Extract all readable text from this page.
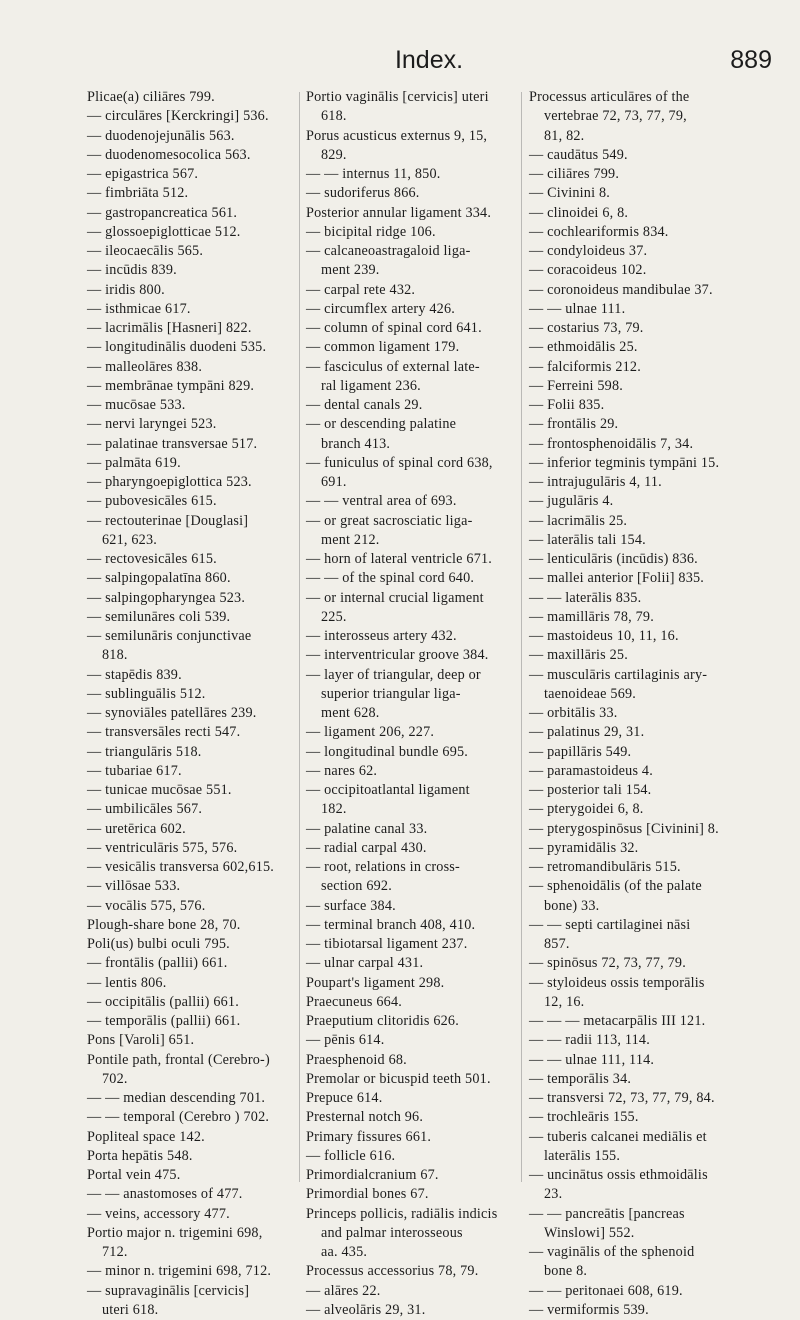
Index.	889
Plicae(a) ciliāres 799.
— circulāres [Kerckringi] 536.
— duodenojejunālis 563.
— duodenomesocolica 563.
— epigastrica 567.
— fimbriāta 512.
— gastropancreatica 561.
— glossoepiglotticae 512.
— ileocaecālis 565.
— incūdis 839.
— iridis 800.
— isthmicae 617.
— lacrimālis [Hasneri] 822.
— longitudinālis duodeni 535.
— malleolāres 838.
— membrānae tympāni 829.
— mucōsae 533.
— nervi laryngei 523.
— palatinae transversae 517.
— palmāta 619.
— pharyngoepiglottica 523.
— pubovesicāles 615.
— rectouterinae [Douglasi]
621, 623.
— rectovesicāles 615.
— salpingopalatīna 860.
— salpingopharyngea 523.
— semilunāres coli 539.
— semilunāris conjunctivae
818.
— stapēdis 839.
— sublinguālis 512.
— synoviāles patellāres 239.
— transversāles recti 547.
— triangulāris 518.
— tubariae 617.
— tunicae mucōsae 551.
— umbilicāles 567.
— uretērica 602.
— ventriculāris 575, 576.
— vesicālis transversa 602,615.
— villōsae 533.
— vocālis 575, 576.
Plough-share bone 28, 70.
Poli(us) bulbi oculi 795.
— frontālis (pallii) 661.
— lentis 806.
— occipitālis (pallii) 661.
— temporālis (pallii) 661.
Pons [Varoli] 651.
Pontile path, frontal (Cerebro-)
702.
— — median descending 701.
— — temporal (Cerebro ) 702.
Popliteal space 142.
Porta hepātis 548.
Portal vein 475.
— — anastomoses of 477.
— veins, accessory 477.
Portio major n. trigemini 698,
712.
— minor n. trigemini 698, 712.
— supravaginālis [cervicis]
uteri 618.
Portio vaginālis [cervicis] uteri
618.
Porus acusticus externus 9, 15,
829.
— — internus 11, 850.
— sudoriferus 866.
Posterior annular ligament 334.
— bicipital ridge 106.
— calcaneoastragaloid liga-
ment 239.
— carpal rete 432.
— circumflex artery 426.
— column of spinal cord 641.
— common ligament 179.
— fasciculus of external late-
ral ligament 236.
— dental canals 29.
— or descending palatine
branch 413.
— funiculus of spinal cord 638,
691.
— — ventral area of 693.
— or great sacrosciatic liga-
ment 212.
— horn of lateral ventricle 671.
— — of the spinal cord 640.
— or internal crucial ligament
225.
— interosseus artery 432.
— interventricular groove 384.
— layer of triangular, deep or
superior triangular liga-
ment 628.
— ligament 206, 227.
— longitudinal bundle 695.
— nares 62.
— occipitoatlantal ligament
182.
— palatine canal 33.
— radial carpal 430.
— root, relations in cross-
section 692.
— surface 384.
— terminal branch 408, 410.
— tibiotarsal ligament 237.
— ulnar carpal 431.
Poupart's ligament 298.
Praecuneus 664.
Praeputium clitoridis 626.
— pēnis 614.
Praesphenoid 68.
Premolar or bicuspid teeth 501.
Prepuce 614.
Presternal notch 96.
Primary fissures 661.
— follicle 616.
Primordialcranium 67.
Primordial bones 67.
Princeps pollicis, radiālis indicis
and palmar interosseous
aa. 435.
Processus accessorius 78, 79.
— alāres 22.
— alveolāris 29, 31.
Processus articulāres of the
vertebrae 72, 73, 77, 79,
81, 82.
— caudātus 549.
— ciliāres 799.
— Civinini 8.
— clinoidei 6, 8.
— cochleariformis 834.
— condyloideus 37.
— coracoideus 102.
— coronoideus mandibulae 37.
— — ulnae 111.
— costarius 73, 79.
— ethmoidālis 25.
— falciformis 212.
— Ferreini 598.
— Folii 835.
— frontālis 29.
— frontosphenoidālis 7, 34.
— inferior tegminis tympāni 15.
— intrajugulāris 4, 11.
— jugulāris 4.
— lacrimālis 25.
— laterālis tali 154.
— lenticulāris (incūdis) 836.
— mallei anterior [Folii] 835.
— — laterālis 835.
— mamillāris 78, 79.
— mastoideus 10, 11, 16.
— maxillāris 25.
— musculāris cartilaginis ary-
taenoideae 569.
— orbitālis 33.
— palatinus 29, 31.
— papillāris 549.
— paramastoideus 4.
— posterior tali 154.
— pterygoidei 6, 8.
— pterygospinōsus [Civinini] 8.
— pyramidālis 32.
— retromandibulāris 515.
— sphenoidālis (of the palate
bone) 33.
— — septi cartilaginei nāsi
857.
— spinōsus 72, 73, 77, 79.
— styloideus ossis temporālis
12, 16.
— — — metacarpālis III 121.
— — radii 113, 114.
— — ulnae 111, 114.
— temporālis 34.
— transversi 72, 73, 77, 79, 84.
— trochleāris 155.
— tuberis calcanei mediālis et
laterālis 155.
— uncinātus ossis ethmoidālis
23.
— — pancreātis [pancreas
Winslowi] 552.
— vaginālis of the sphenoid
bone 8.
— — peritonaei 608, 619.
— vermiformis 539.
